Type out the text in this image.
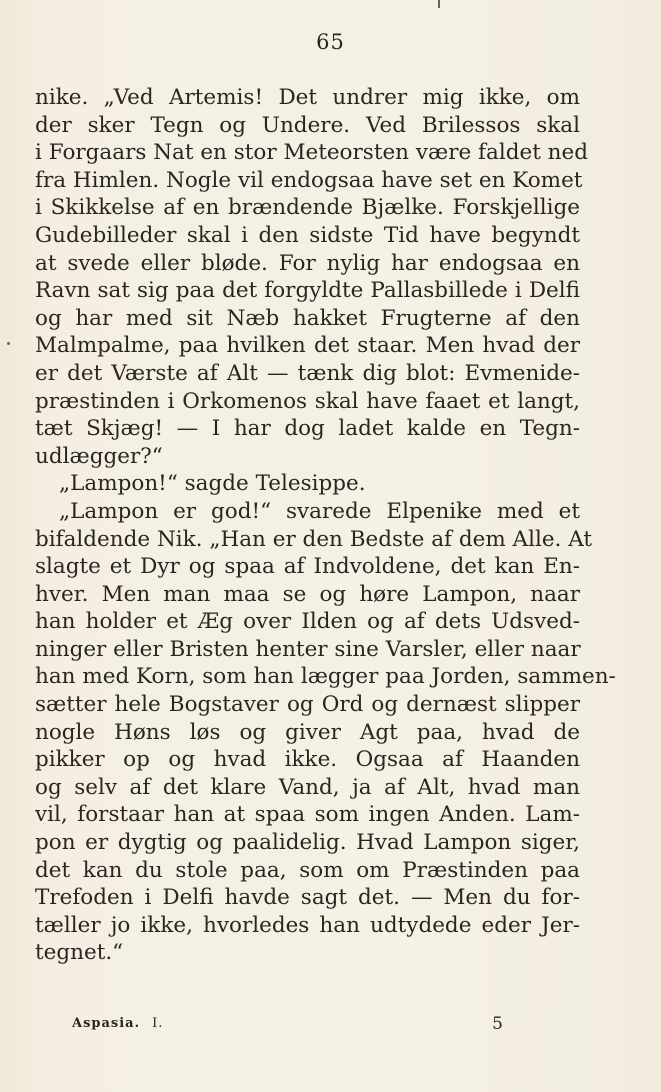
65
nike. „Ved Artemis! Det undrer mig ikke, om
der sker Tegn og Undere. Ved Brilessos skal
i Forgaars Nat en stor Meteorsten være faldet ned
fra Himlen. Nogle vil endogsaa have set en Komet
i Skikkelse af en brændende Bjælke. Forskjellige
Gudebilleder skal i den sidste Tid have begyndt
at svede eller bløde. For nylig har endogsaa en
Ravn sat sig paa det forgyldte Pallasbillede i Delfi
og har med sit Næb hakket Frugterne af den
Malmpalme, paa hvilken det staar. Men hvad der
er det Værste af Alt — tænk dig blot: Evmenide-
præstinden i Orkomenos skal have faaet et langt,
tæt Skjæg! — I har dog ladet kalde en Tegn-
udlægger?“
„Lampon!“ sagde Telesippe.
„Lampon er god!“ svarede Elpenike med et
bifaldende Nik. „Han er den Bedste af dem Alle. At
slagte et Dyr og spaa af Indvoldene, det kan En-
hver. Men man maa se og høre Lampon, naar
han holder et Æg over Ilden og af dets Udsved-
ninger eller Bristen henter sine Varsler, eller naar
han med Korn, som han lægger paa Jorden, sammen-
sætter hele Bogstaver og Ord og dernæst slipper
nogle Høns løs og giver Agt paa, hvad de
pikker op og hvad ikke. Ogsaa af Haanden
og selv af det klare Vand, ja af Alt, hvad man
vil, forstaar han at spaa som ingen Anden. Lam-
pon er dygtig og paalidelig. Hvad Lampon siger,
det kan du stole paa, som om Præstinden paa
Trefoden i Delfi havde sagt det. — Men du for-
tæller jo ikke, hvorledes han udtydede eder Jer-
tegnet.“
Aspasia. I.	5
